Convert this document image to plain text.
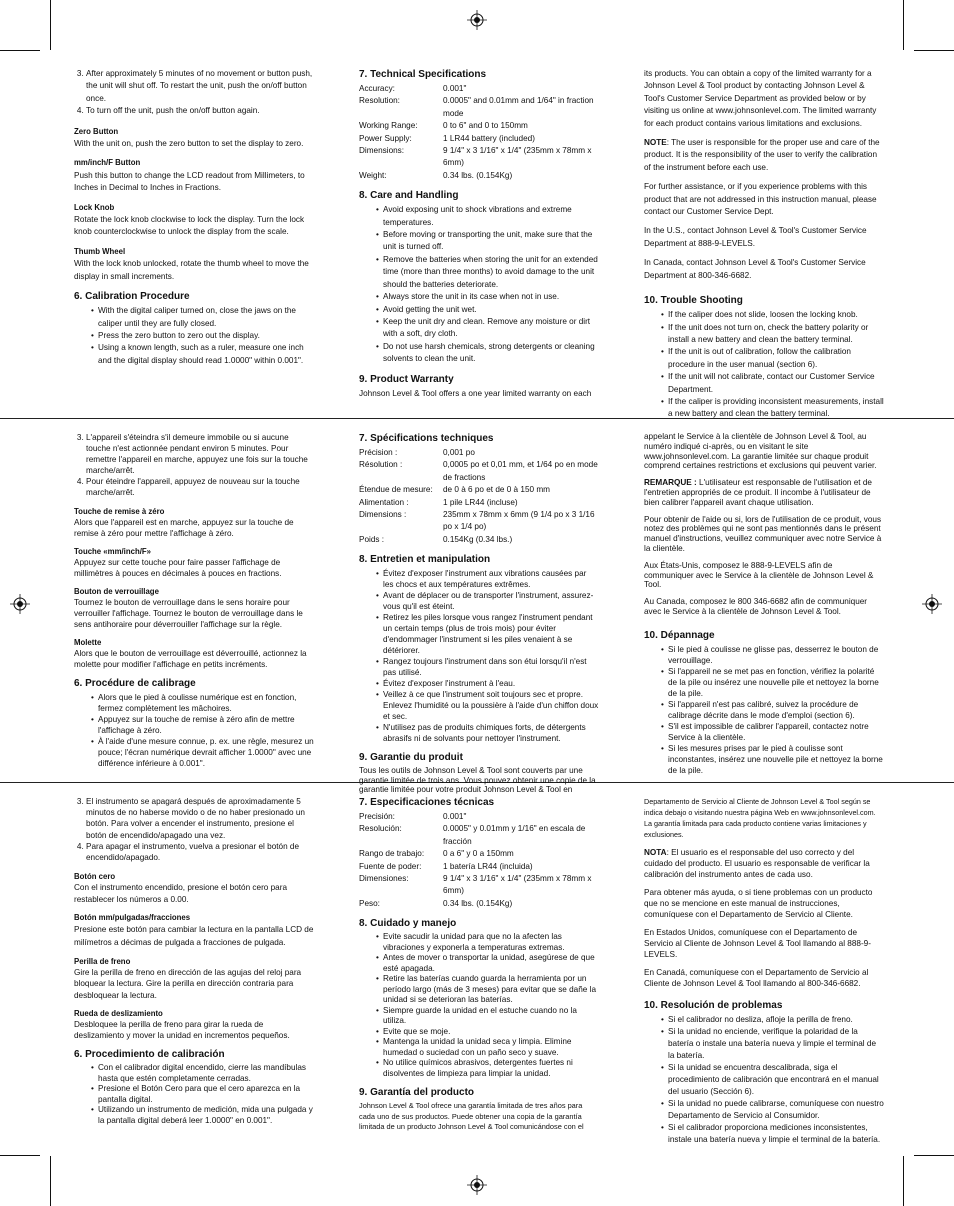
3. After approximately 5 minutes of no movement or button push, the unit will shut off. To restart the unit, push the on/off button once.
4. To turn off the unit, push the on/off button again.
Zero Button

With the unit on, push the zero button to set the display to zero.

mm/inch/F Button

Push this button to change the LCD readout from Millimeters, to Inches in Decimal to Inches in Fractions.

Lock Knob

Rotate the lock knob clockwise to lock the display. Turn the lock knob counterclockwise to unlock the display from the scale.

Thumb Wheel

With the lock knob unlocked, rotate the thumb wheel to move the display in small increments.

6. Calibration Procedure
• With the digital caliper turned on, close the jaws on the caliper until they are fully closed.
• Press the zero button to zero out the display.
• Using a known length, such as a ruler, measure one inch and the digital display should read 1.0000" within 0.001".
7. Technical Specifications
Accuracy:	0.001"
Resolution:	0.0005" and 0.01mm and 1/64" in fraction mode
Working Range:	0 to 6" and 0 to 150mm
Power Supply:	1 LR44 battery (included)
Dimensions:	9 1/4" x 3 1/16" x 1/4" (235mm x 78mm x 6mm)
Weight:	0.34 lbs. (0.154Kg)
8. Care and Handling
• Avoid exposing unit to shock vibrations and extreme temperatures.
• Before moving or transporting the unit, make sure that the unit is turned off.
• Remove the batteries when storing the unit for an extended time (more than three months) to avoid damage to the unit should the batteries deteriorate.
• Always store the unit in its case when not in use.
• Avoid getting the unit wet.
• Keep the unit dry and clean. Remove any moisture or dirt with a soft, dry cloth.
• Do not use harsh chemicals, strong detergents or cleaning solvents to clean the unit.
9. Product Warranty

Johnson Level & Tool offers a one year limited warranty on each

its products. You can obtain a copy of the limited warranty for a Johnson Level & Tool product by contacting Johnson Level & Tool's Customer Service Department as provided below or by visiting us online at www.johnsonlevel.com. The limited warranty for each product contains various limitations and exclusions.

NOTE: The user is responsible for the proper use and care of the product. It is the responsibility of the user to verify the calibration of the instrument before each use.

For further assistance, or if you experience problems with this product that are not addressed in this instruction manual, please contact our Customer Service Dept.

In the U.S., contact Johnson Level & Tool's Customer Service Department at 888-9-LEVELS.

In Canada, contact Johnson Level & Tool's Customer Service Department at 800-346-6682.

10. Trouble Shooting
• If the caliper does not slide, loosen the locking knob.
• If the unit does not turn on, check the battery polarity or install a new battery and clean the battery terminal.
• If the unit is out of calibration, follow the calibration procedure in the user manual (section 6).
• If the unit will not calibrate, contact our Customer Service Department.
• If the caliper is providing inconsistent measurements, install a new battery and clean the battery terminal.
3. L'appareil s'éteindra s'il demeure immobile ou si aucune touche n'est actionnée pendant environ 5 minutes. Pour remettre l'appareil en marche, appuyez une fois sur la touche marche/arrêt.
4. Pour éteindre l'appareil, appuyez de nouveau sur la touche marche/arrêt.
Touche de remise à zéro

Alors que l'appareil est en marche, appuyez sur la touche de remise à zéro pour mettre l'affichage à zéro.

Touche «mm/inch/F»

Appuyez sur cette touche pour faire passer l'affichage de millimètres à pouces en décimales à pouces en fractions.

Bouton de verrouillage

Tournez le bouton de verrouillage dans le sens horaire pour verrouiller l'affichage. Tournez le bouton de verrouillage dans le sens antihoraire pour déverrouiller l'affichage sur la règle.

Molette

Alors que le bouton de verrouillage est déverrouillé, actionnez la molette pour modifier l'affichage en petits incréments.

6. Procédure de calibrage
• Alors que le pied à coulisse numérique est en fonction, fermez complètement les mâchoires.
• Appuyez sur la touche de remise à zéro afin de mettre l'affichage à zéro.
• À l'aide d'une mesure connue, p. ex. une règle, mesurez un pouce; l'écran numérique devrait afficher 1.0000" avec une différence inférieure à 0.001".
7. Spécifications techniques
Précision :	0,001 po
Résolution :	0,0005 po et 0,01 mm, et 1/64 po en mode de fractions
Étendue de mesure:	de 0 à 6 po et de 0 à 150 mm
Alimentation :	1 pile LR44 (incluse)
Dimensions :	235mm x 78mm x 6mm (9 1/4 po x 3 1/16 po x 1/4 po)
Poids :	0.154Kg (0.34 lbs.)
8. Entretien et manipulation
• Évitez d'exposer l'instrument aux vibrations causées par les chocs et aux températures extrêmes.
• Avant de déplacer ou de transporter l'instrument, assurez-vous qu'il est éteint.
• Retirez les piles lorsque vous rangez l'instrument pendant un certain temps (plus de trois mois) pour éviter d'endommager l'instrument si les piles venaient à se détériorer.
• Rangez toujours l'instrument dans son étui lorsqu'il n'est pas utilisé.
• Évitez d'exposer l'instrument à l'eau.
• Veillez à ce que l'instrument soit toujours sec et propre. Enlevez l'humidité ou la poussière à l'aide d'un chiffon doux et sec.
• N'utilisez pas de produits chimiques forts, de détergents abrasifs ni de solvants pour nettoyer l'instrument.
9. Garantie du produit

Tous les outils de Johnson Level & Tool sont couverts par une garantie limitée de trois ans. Vous pouvez obtenir une copie de la garantie limitée pour votre produit Johnson Level & Tool en

appelant le Service à la clientèle de Johnson Level & Tool, au numéro indiqué ci-après, ou en visitant le site www.johnsonlevel.com. La garantie limitée sur chaque produit comprend certaines restrictions et exclusions qui peuvent varier.

REMARQUE : L'utilisateur est responsable de l'utilisation et de l'entretien appropriés de ce produit. Il incombe à l'utilisateur de bien calibrer l'appareil avant chaque utilisation.

Pour obtenir de l'aide ou si, lors de l'utilisation de ce produit, vous notez des problèmes qui ne sont pas mentionnés dans le présent manuel d'instructions, veuillez communiquer avec notre Service à la clientèle.

Aux États-Unis, composez le 888-9-LEVELS afin de communiquer avec le Service à la clientèle de Johnson Level & Tool.

Au Canada, composez le 800 346-6682 afin de communiquer avec le Service à la clientèle de Johnson Level & Tool.

10. Dépannage
• Si le pied à coulisse ne glisse pas, desserrez le bouton de verrouillage.
• Si l'appareil ne se met pas en fonction, vérifiez la polarité de la pile ou insérez une nouvelle pile et nettoyez la borne de la pile.
• Si l'appareil n'est pas calibré, suivez la procédure de calibrage décrite dans le mode d'emploi (section 6).
• S'il est impossible de calibrer l'appareil, contactez notre Service à la clientèle.
• Si les mesures prises par le pied à coulisse sont inconstantes, insérez une nouvelle pile et nettoyez la borne de la pile.
3. El instrumento se apagará después de aproximadamente 5 minutos de no haberse movido o de no haber presionado un botón. Para volver a encender el instrumento, presione el botón de encendido/apagado una vez.
4. Para apagar el instrumento, vuelva a presionar el botón de encendido/apagado.
Botón cero

Con el instrumento encendido, presione el botón cero para restablecer los números a 0.00.

Botón mm/pulgadas/fracciones

Presione este botón para cambiar la lectura en la pantalla LCD de milímetros a décimas de pulgada a fracciones de pulgada.

Perilla de freno

Gire la perilla de freno en dirección de las agujas del reloj para bloquear la lectura. Gire la perilla en dirección contraria para desbloquear la lectura.

Rueda de deslizamiento

Desbloquee la perilla de freno para girar la rueda de deslizamiento y mover la unidad en incrementos pequeños.

6. Procedimiento de calibración
• Con el calibrador digital encendido, cierre las mandíbulas hasta que estén completamente cerradas.
• Presione el Botón Cero para que el cero aparezca en la pantalla digital.
• Utilizando un instrumento de medición, mida una pulgada y la pantalla digital deberá leer 1.0000" en 0.001".
7. Especificaciones técnicas
Precisión:	0.001"
Resolución:	0.0005" y 0.01mm y 1/16" en escala de fracción
Rango de trabajo:	0 a 6" y 0 a 150mm
Fuente de poder:	1 batería LR44 (incluida)
Dimensiones:	9 1/4" x 3 1/16" x 1/4" (235mm x 78mm x 6mm)
Peso:	0.34 lbs. (0.154Kg)
8. Cuidado y manejo
• Evite sacudir la unidad para que no la afecten las vibraciones y exponerla a temperaturas extremas.
• Antes de mover o transportar la unidad, asegúrese de que esté apagada.
• Retire las baterías cuando guarda la herramienta por un período largo (más de 3 meses) para evitar que se dañe la unidad si se deterioran las baterías.
• Siempre guarde la unidad en el estuche cuando no la utiliza.
• Evite que se moje.
• Mantenga la unidad la unidad seca y limpia. Elimine humedad o suciedad con un paño seco y suave.
• No utilice químicos abrasivos, detergentes fuertes ni disolventes de limpieza para limpiar la unidad.
9. Garantía del producto

Johnson Level & Tool ofrece una garantía limitada de tres años para cada uno de sus productos. Puede obtener una copia de la garantía limitada de un producto Johnson Level & Tool comunicándose con el

Departamento de Servicio al Cliente de Johnson Level & Tool según se indica debajo o visitando nuestra página Web en www.johnsonlevel.com. La garantía limitada para cada producto contiene varias limitaciones y exclusiones.

NOTA: El usuario es el responsable del uso correcto y del cuidado del producto. El usuario es responsable de verificar la calibración del instrumento antes de cada uso.

Para obtener más ayuda, o si tiene problemas con un producto que no se mencione en este manual de instrucciones, comuníquese con el Departamento de Servicio al Cliente.

En Estados Unidos, comuníquese con el Departamento de Servicio al Cliente de Johnson Level & Tool llamando al 888-9-LEVELS.

En Canadá, comuníquese con el Departamento de Servicio al Cliente de Johnson Level & Tool llamando al 800-346-6682.

10. Resolución de problemas
• Si el calibrador no desliza, afloje la perilla de freno.
• Si la unidad no enciende, verifique la polaridad de la batería o instale una batería nueva y limpie el terminal de la batería.
• Si la unidad se encuentra descalibrada, siga el procedimiento de calibración que encontrará en el manual del usuario (Sección 6).
• Si la unidad no puede calibrarse, comuníquese con nuestro Departamento de Servicio al Consumidor.
• Si el calibrador proporciona mediciones inconsistentes, instale una batería nueva y limpie el terminal de la batería.
